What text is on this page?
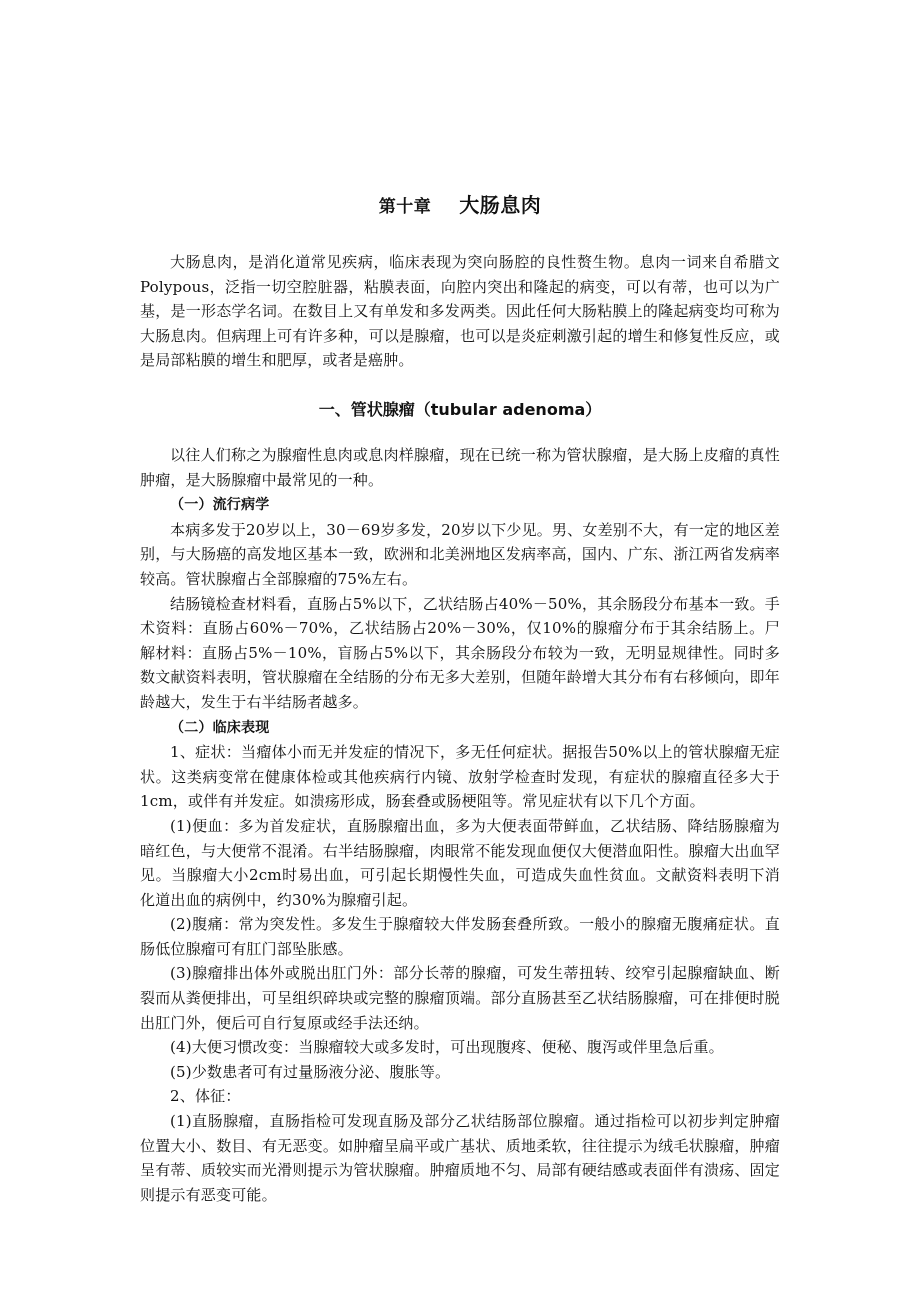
第十章 大肠息肉

大肠息肉，是消化道常见疾病，临床表现为突向肠腔的良性赘生物。息肉一词来自希腊文Polypous，泛指一切空腔脏器，粘膜表面，向腔内突出和隆起的病变，可以有蒂，也可以为广基，是一形态学名词。在数目上又有单发和多发两类。因此任何大肠粘膜上的隆起病变均可称为大肠息肉。但病理上可有许多种，可以是腺瘤，也可以是炎症刺激引起的增生和修复性反应，或是局部粘膜的增生和肥厚，或者是癌肿。

一、管状腺瘤（tubular adenoma）

以往人们称之为腺瘤性息肉或息肉样腺瘤，现在已统一称为管状腺瘤，是大肠上皮瘤的真性肿瘤，是大肠腺瘤中最常见的一种。

（一）流行病学

本病多发于20岁以上，30－69岁多发，20岁以下少见。男、女差别不大，有一定的地区差别，与大肠癌的高发地区基本一致，欧洲和北美洲地区发病率高，国内、广东、浙江两省发病率较高。管状腺瘤占全部腺瘤的75%左右。

结肠镜检查材料看，直肠占5%以下，乙状结肠占40%－50%，其余肠段分布基本一致。手术资料：直肠占60%－70%，乙状结肠占20%－30%，仅10%的腺瘤分布于其余结肠上。尸解材料：直肠占5%－10%，盲肠占5%以下，其余肠段分布较为一致，无明显规律性。同时多数文献资料表明，管状腺瘤在全结肠的分布无多大差别，但随年龄增大其分布有右移倾向，即年龄越大，发生于右半结肠者越多。

（二）临床表现

1、症状：当瘤体小而无并发症的情况下，多无任何症状。据报告50%以上的管状腺瘤无症状。这类病变常在健康体检或其他疾病行内镜、放射学检查时发现，有症状的腺瘤直径多大于1cm，或伴有并发症。如溃疡形成，肠套叠或肠梗阻等。常见症状有以下几个方面。

(1)便血：多为首发症状，直肠腺瘤出血，多为大便表面带鲜血，乙状结肠、降结肠腺瘤为暗红色，与大便常不混淆。右半结肠腺瘤，肉眼常不能发现血便仅大便潜血阳性。腺瘤大出血罕见。当腺瘤大小2cm时易出血，可引起长期慢性失血，可造成失血性贫血。文献资料表明下消化道出血的病例中，约30%为腺瘤引起。

(2)腹痛：常为突发性。多发生于腺瘤较大伴发肠套叠所致。一般小的腺瘤无腹痛症状。直肠低位腺瘤可有肛门部坠胀感。

(3)腺瘤排出体外或脱出肛门外：部分长蒂的腺瘤，可发生蒂扭转、绞窄引起腺瘤缺血、断裂而从粪便排出，可呈组织碎块或完整的腺瘤顶端。部分直肠甚至乙状结肠腺瘤，可在排便时脱出肛门外，便后可自行复原或经手法还纳。

(4)大便习惯改变：当腺瘤较大或多发时，可出现腹疼、便秘、腹泻或伴里急后重。

(5)少数患者可有过量肠液分泌、腹胀等。

2、体征：

(1)直肠腺瘤，直肠指检可发现直肠及部分乙状结肠部位腺瘤。通过指检可以初步判定肿瘤位置大小、数目、有无恶变。如肿瘤呈扁平或广基状、质地柔软，往往提示为绒毛状腺瘤，肿瘤呈有蒂、质较实而光滑则提示为管状腺瘤。肿瘤质地不匀、局部有硬结感或表面伴有溃疡、固定则提示有恶变可能。
